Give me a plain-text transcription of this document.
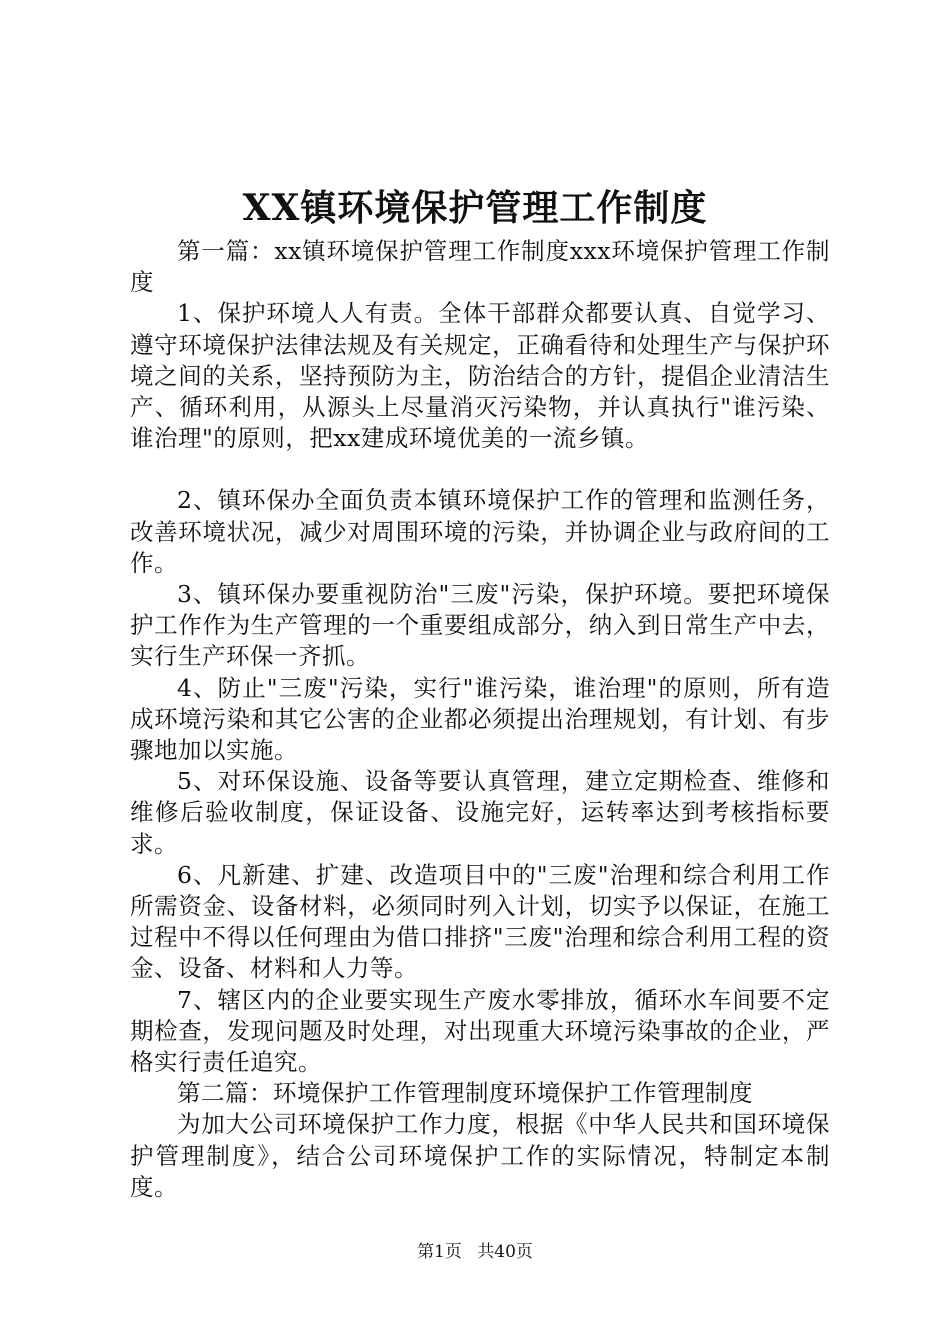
XX镇环境保护管理工作制度

第一篇：xx镇环境保护管理工作制度xxx环境保护管理工作制度

1、保护环境人人有责。全体干部群众都要认真、自觉学习、遵守环境保护法律法规及有关规定，正确看待和处理生产与保护环境之间的关系，坚持预防为主，防治结合的方针，提倡企业清洁生产、循环利用，从源头上尽量消灭污染物，并认真执行"谁污染、谁治理"的原则，把xx建成环境优美的一流乡镇。

2、镇环保办全面负责本镇环境保护工作的管理和监测任务，改善环境状况，减少对周围环境的污染，并协调企业与政府间的工作。

3、镇环保办要重视防治"三废"污染，保护环境。要把环境保护工作作为生产管理的一个重要组成部分，纳入到日常生产中去，实行生产环保一齐抓。

4、防止"三废"污染，实行"谁污染，谁治理"的原则，所有造成环境污染和其它公害的企业都必须提出治理规划，有计划、有步骤地加以实施。

5、对环保设施、设备等要认真管理，建立定期检查、维修和维修后验收制度，保证设备、设施完好，运转率达到考核指标要求。

6、凡新建、扩建、改造项目中的"三废"治理和综合利用工作所需资金、设备材料，必须同时列入计划，切实予以保证，在施工过程中不得以任何理由为借口排挤"三废"治理和综合利用工程的资金、设备、材料和人力等。

7、辖区内的企业要实现生产废水零排放，循环水车间要不定期检查，发现问题及时处理，对出现重大环境污染事故的企业，严格实行责任追究。

第二篇：环境保护工作管理制度环境保护工作管理制度

为加大公司环境保护工作力度，根据《中华人民共和国环境保护管理制度》，结合公司环境保护工作的实际情况，特制定本制度。

第1页 共40页
